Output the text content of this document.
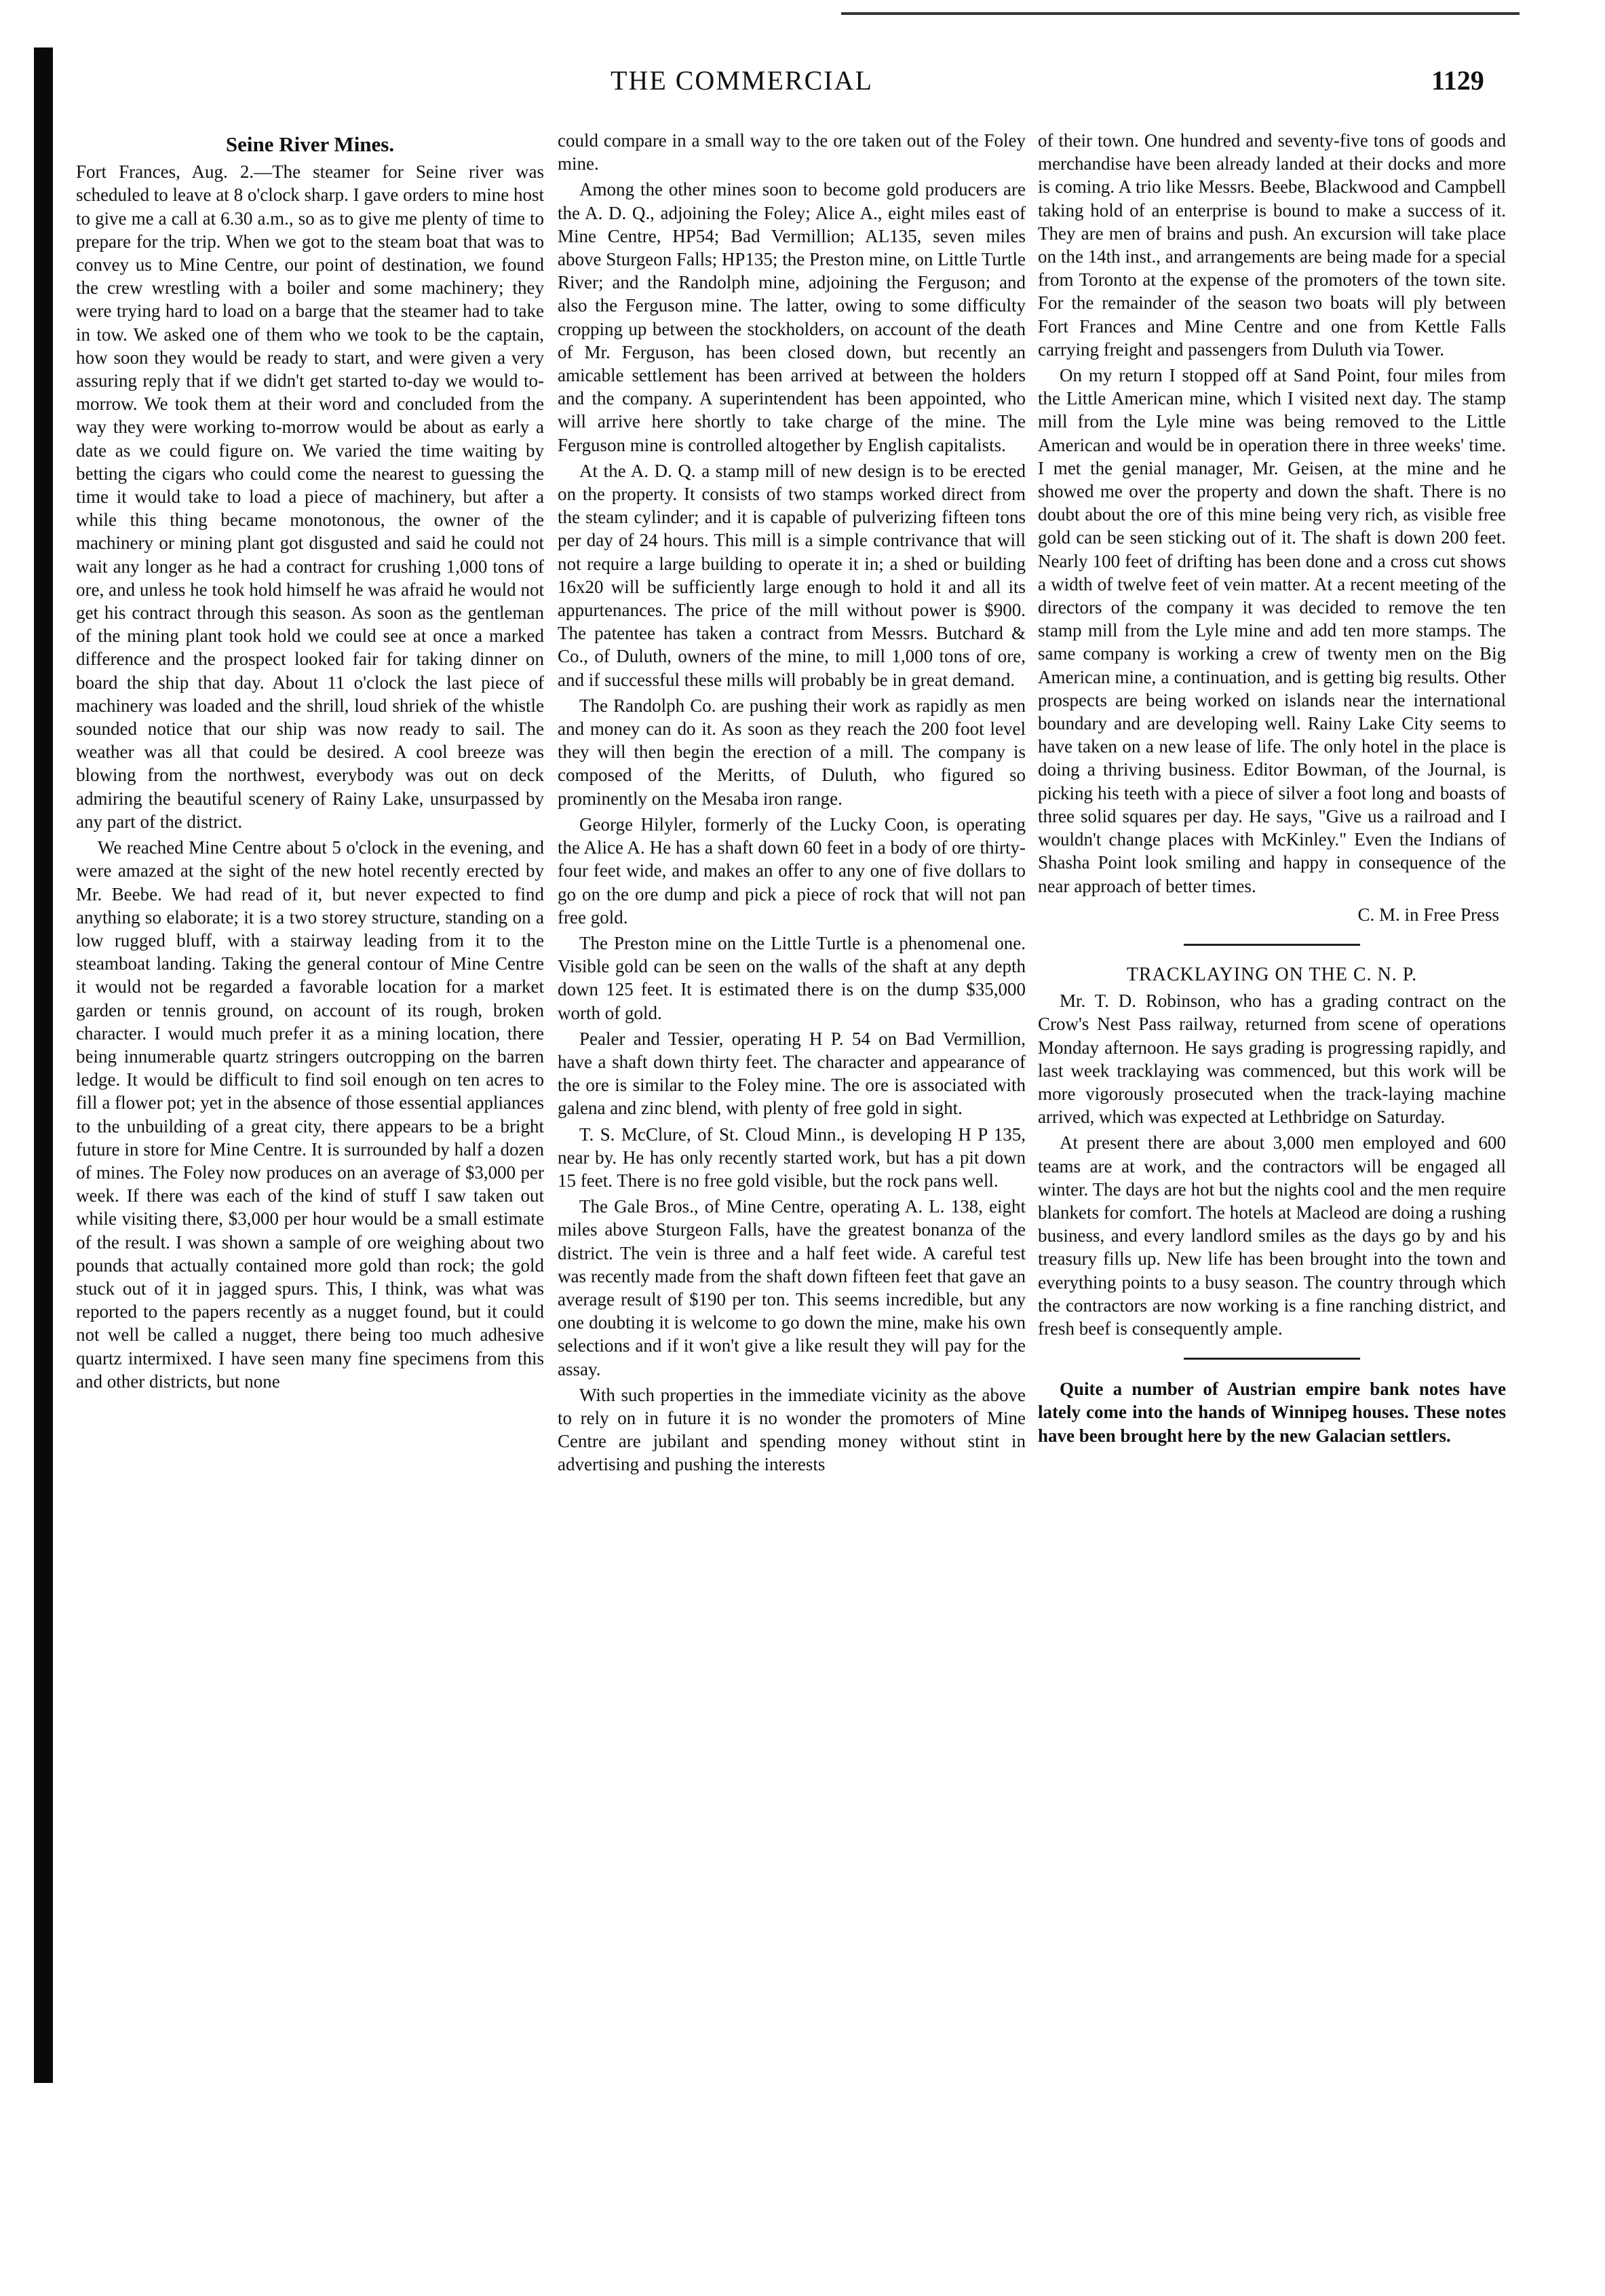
THE COMMERCIAL	1129
Seine River Mines.

Fort Frances, Aug. 2.—The steamer for Seine river was scheduled to leave at 8 o'clock sharp. I gave orders to mine host to give me a call at 6.30 a.m., so as to give me plenty of time to prepare for the trip. When we got to the steam boat that was to convey us to Mine Centre, our point of destination, we found the crew wrestling with a boiler and some machinery; they were trying hard to load on a barge that the steamer had to take in tow. We asked one of them who we took to be the captain, how soon they would be ready to start, and were given a very assuring reply that if we didn't get started to-day we would to-morrow. We took them at their word and concluded from the way they were working to-morrow would be about as early a date as we could figure on. We varied the time waiting by betting the cigars who could come the nearest to guessing the time it would take to load a piece of machinery, but after a while this thing became monotonous, the owner of the machinery or mining plant got disgusted and said he could not wait any longer as he had a contract for crushing 1,000 tons of ore, and unless he took hold himself he was afraid he would not get his contract through this season. As soon as the gentleman of the mining plant took hold we could see at once a marked difference and the prospect looked fair for taking dinner on board the ship that day. About 11 o'clock the last piece of machinery was loaded and the shrill, loud shriek of the whistle sounded notice that our ship was now ready to sail. The weather was all that could be desired. A cool breeze was blowing from the northwest, everybody was out on deck admiring the beautiful scenery of Rainy Lake, unsurpassed by any part of the district.

We reached Mine Centre about 5 o'clock in the evening, and were amazed at the sight of the new hotel recently erected by Mr. Beebe. We had read of it, but never expected to find anything so elaborate; it is a two storey structure, standing on a low rugged bluff, with a stairway leading from it to the steamboat landing. Taking the general contour of Mine Centre it would not be regarded a favorable location for a market garden or tennis ground, on account of its rough, broken character. I would much prefer it as a mining location, there being innumerable quartz stringers outcropping on the barren ledge. It would be difficult to find soil enough on ten acres to fill a flower pot; yet in the absence of those essential appliances to the unbuilding of a great city, there appears to be a bright future in store for Mine Centre. It is surrounded by half a dozen of mines. The Foley now produces on an average of $3,000 per week. If there was each of the kind of stuff I saw taken out while visiting there, $3,000 per hour would be a small estimate of the result. I was shown a sample of ore weighing about two pounds that actually contained more gold than rock; the gold stuck out of it in jagged spurs. This, I think, was what was reported to the papers recently as a nugget found, but it could not well be called a nugget, there being too much adhesive quartz intermixed. I have seen many fine specimens from this and other districts, but none

could compare in a small way to the ore taken out of the Foley mine.

Among the other mines soon to become gold producers are the A. D. Q., adjoining the Foley; Alice A., eight miles east of Mine Centre, HP54; Bad Vermillion; AL135, seven miles above Sturgeon Falls; HP135; the Preston mine, on Little Turtle River; and the Randolph mine, adjoining the Ferguson; and also the Ferguson mine. The latter, owing to some difficulty cropping up between the stockholders, on account of the death of Mr. Ferguson, has been closed down, but recently an amicable settlement has been arrived at between the holders and the company. A superintendent has been appointed, who will arrive here shortly to take charge of the mine. The Ferguson mine is controlled altogether by English capitalists.

At the A. D. Q. a stamp mill of new design is to be erected on the property. It consists of two stamps worked direct from the steam cylinder; and it is capable of pulverizing fifteen tons per day of 24 hours. This mill is a simple contrivance that will not require a large building to operate it in; a shed or building 16x20 will be sufficiently large enough to hold it and all its appurtenances. The price of the mill without power is $900. The patentee has taken a contract from Messrs. Butchard & Co., of Duluth, owners of the mine, to mill 1,000 tons of ore, and if successful these mills will probably be in great demand.

The Randolph Co. are pushing their work as rapidly as men and money can do it. As soon as they reach the 200 foot level they will then begin the erection of a mill. The company is composed of the Meritts, of Duluth, who figured so prominently on the Mesaba iron range.

George Hilyler, formerly of the Lucky Coon, is operating the Alice A. He has a shaft down 60 feet in a body of ore thirty-four feet wide, and makes an offer to any one of five dollars to go on the ore dump and pick a piece of rock that will not pan free gold.

The Preston mine on the Little Turtle is a phenomenal one. Visible gold can be seen on the walls of the shaft at any depth down 125 feet. It is estimated there is on the dump $35,000 worth of gold.

Pealer and Tessier, operating H P. 54 on Bad Vermillion, have a shaft down thirty feet. The character and appearance of the ore is similar to the Foley mine. The ore is associated with galena and zinc blend, with plenty of free gold in sight.

T. S. McClure, of St. Cloud Minn., is developing H P 135, near by. He has only recently started work, but has a pit down 15 feet. There is no free gold visible, but the rock pans well.

The Gale Bros., of Mine Centre, operating A. L. 138, eight miles above Sturgeon Falls, have the greatest bonanza of the district. The vein is three and a half feet wide. A careful test was recently made from the shaft down fifteen feet that gave an average result of $190 per ton. This seems incredible, but any one doubting it is welcome to go down the mine, make his own selections and if it won't give a like result they will pay for the assay.

With such properties in the immediate vicinity as the above to rely on in future it is no wonder the promoters of Mine Centre are jubilant and spending money without stint in advertising and pushing the interests

of their town. One hundred and seventy-five tons of goods and merchandise have been already landed at their docks and more is coming. A trio like Messrs. Beebe, Blackwood and Campbell taking hold of an enterprise is bound to make a success of it. They are men of brains and push. An excursion will take place on the 14th inst., and arrangements are being made for a special from Toronto at the expense of the promoters of the town site. For the remainder of the season two boats will ply between Fort Frances and Mine Centre and one from Kettle Falls carrying freight and passengers from Duluth via Tower.

On my return I stopped off at Sand Point, four miles from the Little American mine, which I visited next day. The stamp mill from the Lyle mine was being removed to the Little American and would be in operation there in three weeks' time. I met the genial manager, Mr. Geisen, at the mine and he showed me over the property and down the shaft. There is no doubt about the ore of this mine being very rich, as visible free gold can be seen sticking out of it. The shaft is down 200 feet. Nearly 100 feet of drifting has been done and a cross cut shows a width of twelve feet of vein matter. At a recent meeting of the directors of the company it was decided to remove the ten stamp mill from the Lyle mine and add ten more stamps. The same company is working a crew of twenty men on the Big American mine, a continuation, and is getting big results. Other prospects are being worked on islands near the international boundary and are developing well. Rainy Lake City seems to have taken on a new lease of life. The only hotel in the place is doing a thriving business. Editor Bowman, of the Journal, is picking his teeth with a piece of silver a foot long and boasts of three solid squares per day. He says, "Give us a railroad and I wouldn't change places with McKinley." Even the Indians of Shasha Point look smiling and happy in consequence of the near approach of better times.

C. M. in Free Press
TRACKLAYING ON THE C. N. P.

Mr. T. D. Robinson, who has a grading contract on the Crow's Nest Pass railway, returned from scene of operations Monday afternoon. He says grading is progressing rapidly, and last week tracklaying was commenced, but this work will be more vigorously prosecuted when the track-laying machine arrived, which was expected at Lethbridge on Saturday.

At present there are about 3,000 men employed and 600 teams are at work, and the contractors will be engaged all winter. The days are hot but the nights cool and the men require blankets for comfort. The hotels at Macleod are doing a rushing business, and every landlord smiles as the days go by and his treasury fills up. New life has been brought into the town and everything points to a busy season. The country through which the contractors are now working is a fine ranching district, and fresh beef is consequently ample.

Quite a number of Austrian empire bank notes have lately come into the hands of Winnipeg houses. These notes have been brought here by the new Galacian settlers.
